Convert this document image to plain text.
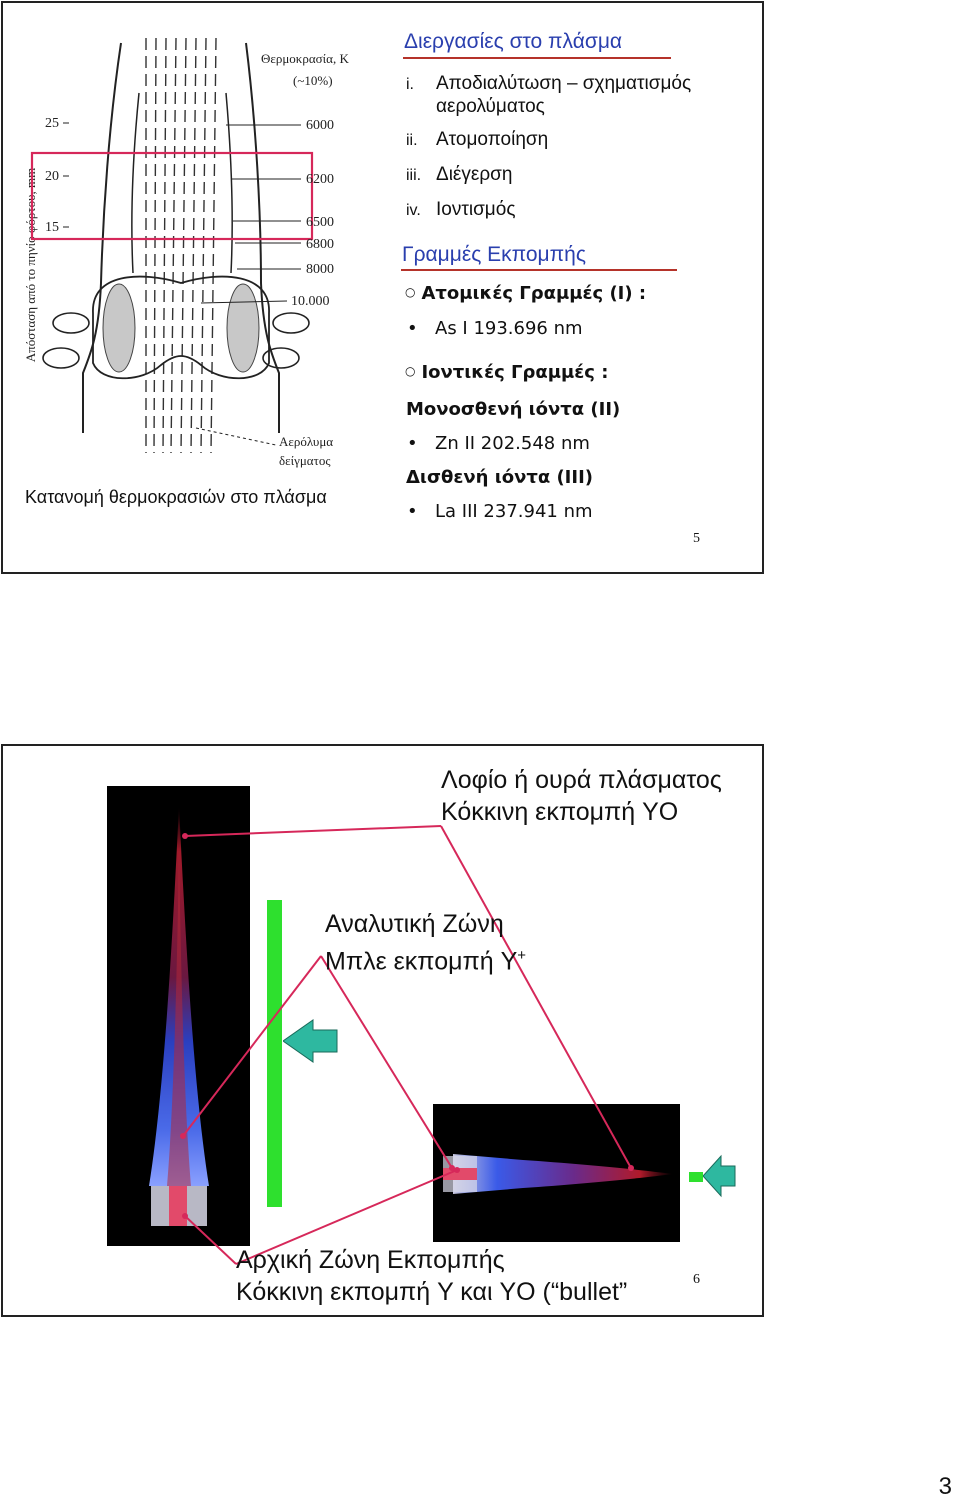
Απόσταση από το πηνίο φόρτου, mm
25
20
15
Θερμοκρασία, K
(~10%)
6000
6200
6500
6800
8000
10.000
Αερόλυμα
δείγματος
Κατανομή θερμοκρασιών στο πλάσμα
Διεργασίες στο πλάσμα
i. Αποδιαλύτωση – σχηματισμός
αερολύματος
ii. Ατομοποίηση
iii. Διέγερση
iv. Ιοντισμός
Γραμμές Εκπομπής
○ Ατομικές Γραμμές (I) :
• As I 193.696 nm
○ Ιοντικές Γραμμές :
Μονοσθενή ιόντα (II)
• Zn II 202.548 nm
Δισθενή ιόντα (III)
• La III 237.941 nm
5
Λοφίο ή ουρά πλάσματος
Κόκκινη εκπομπή YO
Αναλυτική Ζώνη
Μπλε εκπομπή Y+
Αρχική Ζώνη Εκπομπής
Κόκκινη εκπομπή Y και YO (“bullet”	6
3
